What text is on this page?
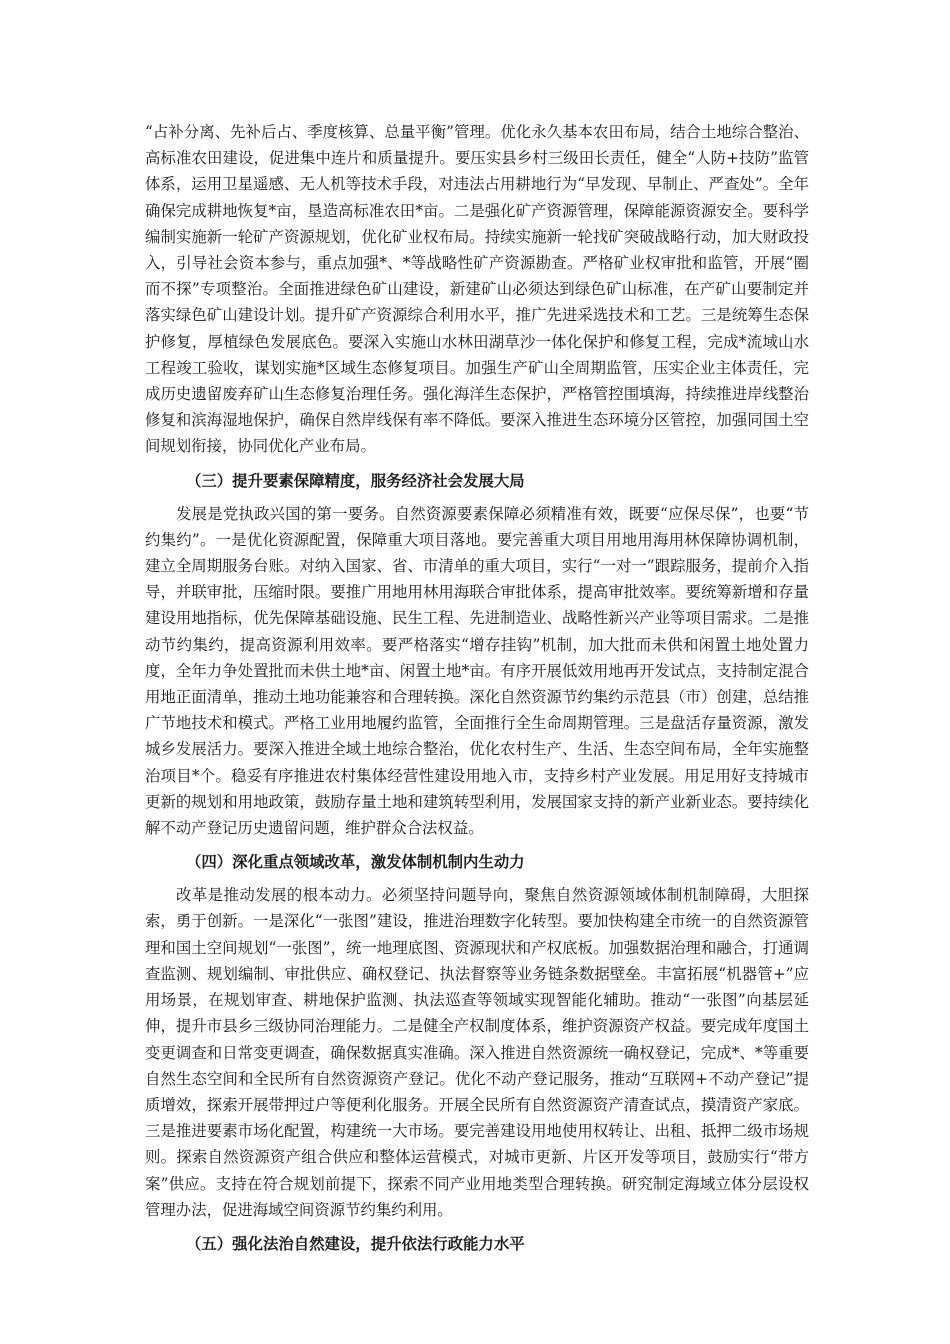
“占补分离、先补后占、季度核算、总量平衡”管理。优化永久基本农田布局，结合土地综合整治、高标准农田建设，促进集中连片和质量提升。要压实县乡村三级田长责任，健全“人防+技防”监管体系，运用卫星遥感、无人机等技术手段，对违法占用耕地行为“早发现、早制止、严查处”。全年确保完成耕地恢复*亩，垦造高标准农田*亩。二是强化矿产资源管理，保障能源资源安全。要科学编制实施新一轮矿产资源规划，优化矿业权布局。持续实施新一轮找矿突破战略行动，加大财政投入，引导社会资本参与，重点加强*、*等战略性矿产资源勘查。严格矿业权审批和监管，开展“圈而不探”专项整治。全面推进绿色矿山建设，新建矿山必须达到绿色矿山标准，在产矿山要制定并落实绿色矿山建设计划。提升矿产资源综合利用水平，推广先进采选技术和工艺。三是统筹生态保护修复，厚植绿色发展底色。要深入实施山水林田湖草沙一体化保护和修复工程，完成*流域山水工程竣工验收，谋划实施*区域生态修复项目。加强生产矿山全周期监管，压实企业主体责任，完成历史遗留废弃矿山生态修复治理任务。强化海洋生态保护，严格管控围填海，持续推进岸线整治修复和滨海湿地保护，确保自然岸线保有率不降低。要深入推进生态环境分区管控，加强同国土空间规划衔接，协同优化产业布局。

（三）提升要素保障精度，服务经济社会发展大局

发展是党执政兴国的第一要务。自然资源要素保障必须精准有效，既要“应保尽保”，也要“节约集约”。一是优化资源配置，保障重大项目落地。要完善重大项目用地用海用林保障协调机制，建立全周期服务台账。对纳入国家、省、市清单的重大项目，实行“一对一”跟踪服务，提前介入指导，并联审批，压缩时限。要推广用地用林用海联合审批体系，提高审批效率。要统筹新增和存量建设用地指标，优先保障基础设施、民生工程、先进制造业、战略性新兴产业等项目需求。二是推动节约集约，提高资源利用效率。要严格落实“增存挂钩”机制，加大批而未供和闲置土地处置力度，全年力争处置批而未供土地*亩、闲置土地*亩。有序开展低效用地再开发试点，支持制定混合用地正面清单，推动土地功能兼容和合理转换。深化自然资源节约集约示范县（市）创建，总结推广节地技术和模式。严格工业用地履约监管，全面推行全生命周期管理。三是盘活存量资源，激发城乡发展活力。要深入推进全域土地综合整治，优化农村生产、生活、生态空间布局，全年实施整治项目*个。稳妥有序推进农村集体经营性建设用地入市，支持乡村产业发展。用足用好支持城市更新的规划和用地政策，鼓励存量土地和建筑转型利用，发展国家支持的新产业新业态。要持续化解不动产登记历史遗留问题，维护群众合法权益。

（四）深化重点领域改革，激发体制机制内生动力

改革是推动发展的根本动力。必须坚持问题导向，聚焦自然资源领域体制机制障碍，大胆探索，勇于创新。一是深化“一张图”建设，推进治理数字化转型。要加快构建全市统一的自然资源管理和国土空间规划“一张图”，统一地理底图、资源现状和产权底板。加强数据治理和融合，打通调查监测、规划编制、审批供应、确权登记、执法督察等业务链条数据壁垒。丰富拓展“机器管+”应用场景，在规划审查、耕地保护监测、执法巡查等领域实现智能化辅助。推动“一张图”向基层延伸，提升市县乡三级协同治理能力。二是健全产权制度体系，维护资源资产权益。要完成年度国土变更调查和日常变更调查，确保数据真实准确。深入推进自然资源统一确权登记，完成*、*等重要自然生态空间和全民所有自然资源资产登记。优化不动产登记服务，推动“互联网+不动产登记”提质增效，探索开展带押过户等便利化服务。开展全民所有自然资源资产清查试点，摸清资产家底。三是推进要素市场化配置，构建统一大市场。要完善建设用地使用权转让、出租、抵押二级市场规则。探索自然资源资产组合供应和整体运营模式，对城市更新、片区开发等项目，鼓励实行“带方案”供应。支持在符合规划前提下，探索不同产业用地类型合理转换。研究制定海域立体分层设权管理办法，促进海域空间资源节约集约利用。

（五）强化法治自然建设，提升依法行政能力水平
